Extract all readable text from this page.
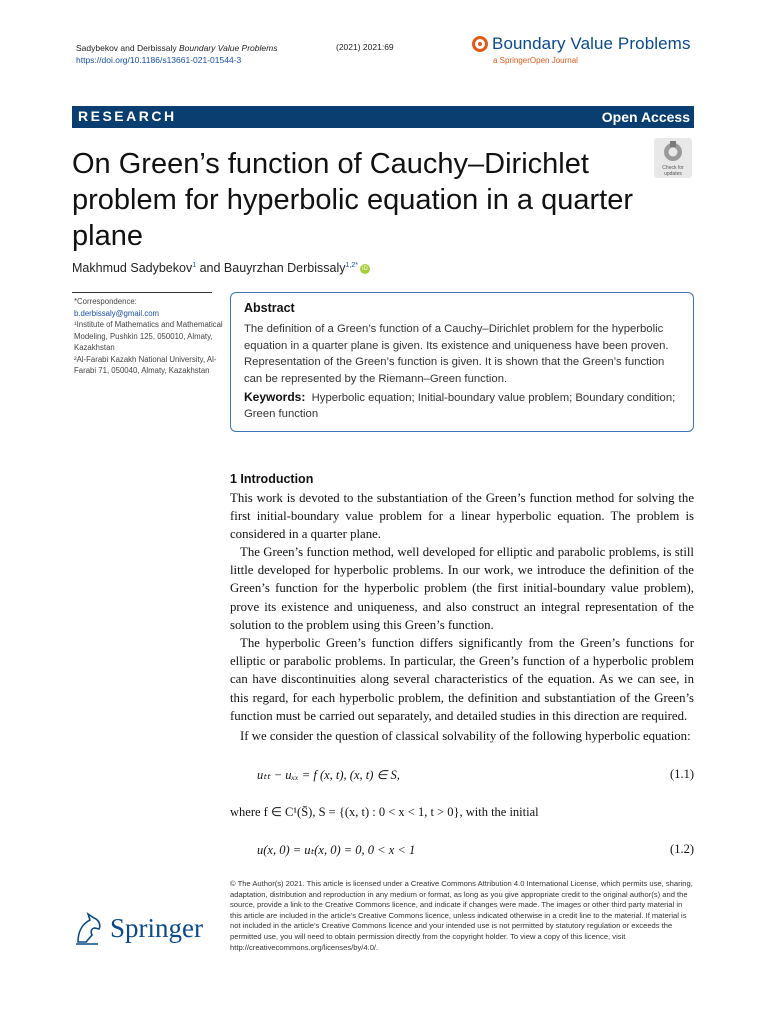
Sadybekov and Derbissaly Boundary Value Problems
https://doi.org/10.1186/s13661-021-01544-3
(2021) 2021:69	Boundary Value Problems
a SpringerOpen Journal
RESEARCH	Open Access
On Green’s function of Cauchy–Dirichlet problem for hyperbolic equation in a quarter plane
Check for
updates
Makhmud Sadybekov$^1$ and Bauyrzhan Derbissaly$^{1,2*}$ iD
*Correspondence:
b.derbissaly@gmail.com
¹Institute of Mathematics and Mathematical Modeling, Pushkin 125, 050010, Almaty, Kazakhstan
²Al-Farabi Kazakh National University, Al-Farabi 71, 050040, Almaty, Kazakhstan
Abstract
The definition of a Green’s function of a Cauchy–Dirichlet problem for the hyperbolic equation in a quarter plane is given. Its existence and uniqueness have been proven. Representation of the Green’s function is given. It is shown that the Green’s function can be represented by the Riemann–Green function.
Keywords: Hyperbolic equation; Initial-boundary value problem; Boundary condition; Green function
1 Introduction
This work is devoted to the substantiation of the Green’s function method for solving the first initial-boundary value problem for a linear hyperbolic equation. The problem is considered in a quarter plane.
The Green’s function method, well developed for elliptic and parabolic problems, is still little developed for hyperbolic problems. In our work, we introduce the definition of the Green’s function for the hyperbolic problem (the first initial-boundary value problem), prove its existence and uniqueness, and also construct an integral representation of the solution to the problem using this Green’s function.
The hyperbolic Green’s function differs significantly from the Green’s functions for elliptic or parabolic problems. In particular, the Green’s function of a hyperbolic problem can have discontinuities along several characteristics of the equation. As we can see, in this regard, for each hyperbolic problem, the definition and substantiation of the Green’s function must be carried out separately, and detailed studies in this direction are required.
If we consider the question of classical solvability of the following hyperbolic equation:
uₜₜ − uₓₓ = f (x, t), (x, t) ∈ S,	(1.1)
where f ∈ C¹(S̄), S = {(x, t) : 0 < x < 1, t > 0}, with the initial
u(x, 0) = uₜ(x, 0) = 0, 0 < x < 1	(1.2)
© The Author(s) 2021. This article is licensed under a Creative Commons Attribution 4.0 International License, which permits use, sharing, adaptation, distribution and reproduction in any medium or format, as long as you give appropriate credit to the original author(s) and the source, provide a link to the Creative Commons licence, and indicate if changes were made. The images or other third party material in this article are included in the article’s Creative Commons licence, unless indicated otherwise in a credit line to the material. If material is not included in the article’s Creative Commons licence and your intended use is not permitted by statutory regulation or exceeds the permitted use, you will need to obtain permission directly from the copyright holder. To view a copy of this licence, visit http://creativecommons.org/licenses/by/4.0/.
Springer
